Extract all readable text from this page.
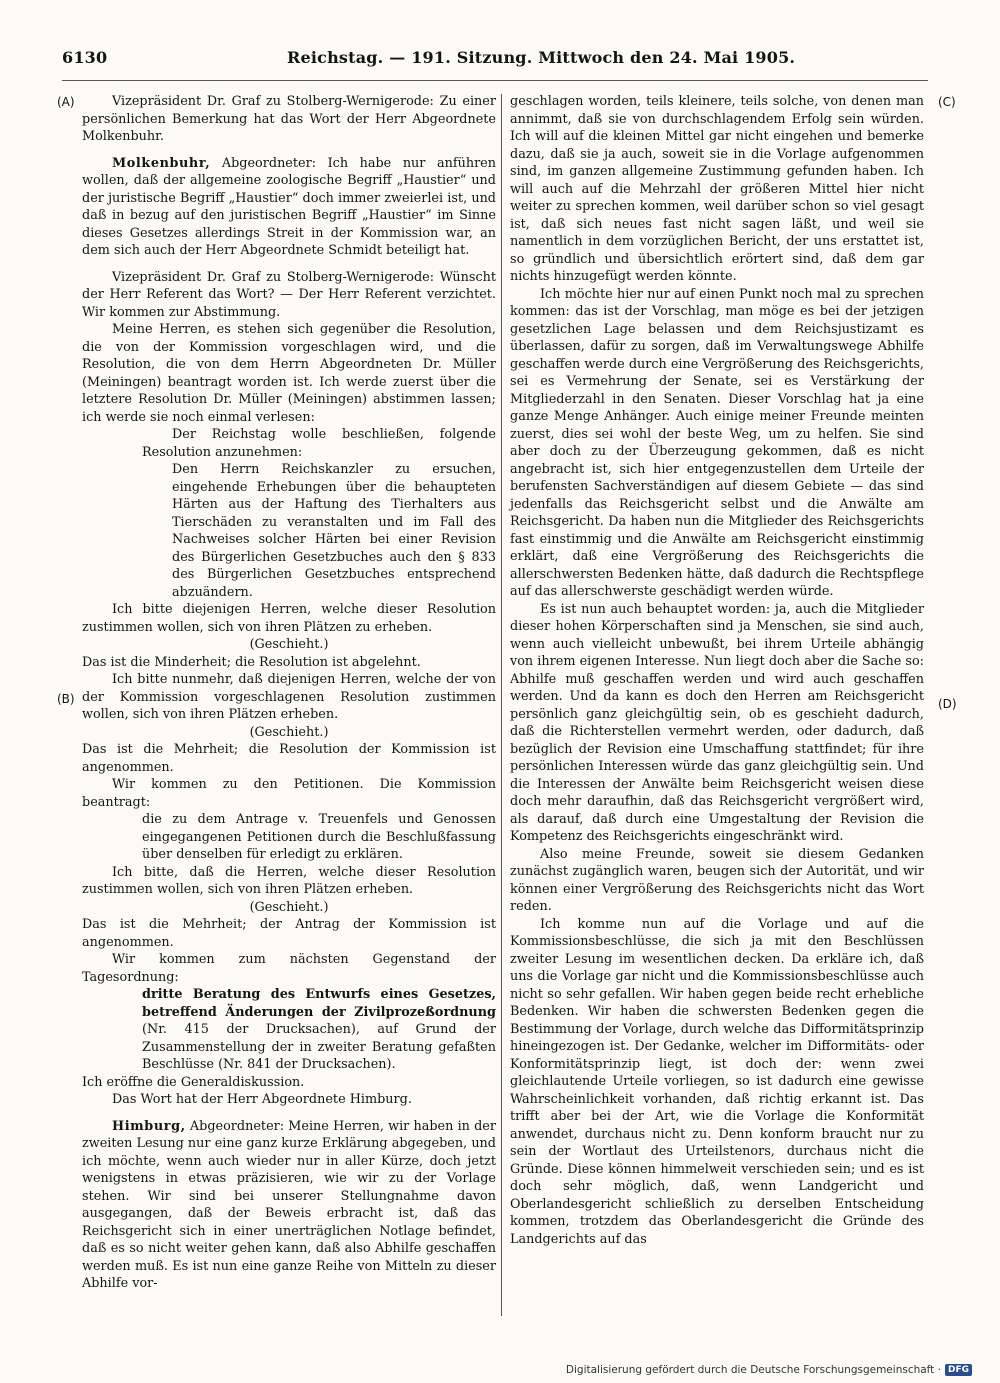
6130	Reichstag. — 191. Sitzung. Mittwoch den 24. Mai 1905.
(A)
(B)
(C)
(D)

Vizepräsident Dr. Graf zu Stolberg-Wernigerode: Zu einer persönlichen Bemerkung hat das Wort der Herr Abgeordnete Molkenbuhr.

Molkenbuhr, Abgeordneter: Ich habe nur anführen wollen, daß der allgemeine zoologische Begriff „Haustier“ und der juristische Begriff „Haustier“ doch immer zweierlei ist, und daß in bezug auf den juristischen Begriff „Haustier“ im Sinne dieses Gesetzes allerdings Streit in der Kommission war, an dem sich auch der Herr Abgeordnete Schmidt beteiligt hat.

Vizepräsident Dr. Graf zu Stolberg-Wernigerode: Wünscht der Herr Referent das Wort? — Der Herr Referent verzichtet. Wir kommen zur Abstimmung.

Meine Herren, es stehen sich gegenüber die Resolution, die von der Kommission vorgeschlagen wird, und die Resolution, die von dem Herrn Abgeordneten Dr. Müller (Meiningen) beantragt worden ist. Ich werde zuerst über die letztere Resolution Dr. Müller (Meiningen) abstimmen lassen; ich werde sie noch einmal verlesen:

Der Reichstag wolle beschließen, folgende Resolution anzunehmen:

Den Herrn Reichskanzler zu ersuchen, eingehende Erhebungen über die behaupteten Härten aus der Haftung des Tierhalters aus Tierschäden zu veranstalten und im Fall des Nachweises solcher Härten bei einer Revision des Bürgerlichen Gesetzbuches auch den § 833 des Bürgerlichen Gesetzbuches entsprechend abzuändern.

Ich bitte diejenigen Herren, welche dieser Resolution zustimmen wollen, sich von ihren Plätzen zu erheben.

(Geschieht.)

Das ist die Minderheit; die Resolution ist abgelehnt.

Ich bitte nunmehr, daß diejenigen Herren, welche der von der Kommission vorgeschlagenen Resolution zustimmen wollen, sich von ihren Plätzen erheben.

(Geschieht.)

Das ist die Mehrheit; die Resolution der Kommission ist angenommen.

Wir kommen zu den Petitionen. Die Kommission beantragt:

die zu dem Antrage v. Treuenfels und Genossen eingegangenen Petitionen durch die Beschlußfassung über denselben für erledigt zu erklären.

Ich bitte, daß die Herren, welche dieser Resolution zustimmen wollen, sich von ihren Plätzen erheben.

(Geschieht.)

Das ist die Mehrheit; der Antrag der Kommission ist angenommen.

Wir kommen zum nächsten Gegenstand der Tagesordnung:

dritte Beratung des Entwurfs eines Gesetzes, betreffend Änderungen der Zivilprozeßordnung (Nr. 415 der Drucksachen), auf Grund der Zusammenstellung der in zweiter Beratung gefaßten Beschlüsse (Nr. 841 der Drucksachen).

Ich eröffne die Generaldiskussion.

Das Wort hat der Herr Abgeordnete Himburg.

Himburg, Abgeordneter: Meine Herren, wir haben in der zweiten Lesung nur eine ganz kurze Erklärung abgegeben, und ich möchte, wenn auch wieder nur in aller Kürze, doch jetzt wenigstens in etwas präzisieren, wie wir zu der Vorlage stehen. Wir sind bei unserer Stellungnahme davon ausgegangen, daß der Beweis erbracht ist, daß das Reichsgericht sich in einer unerträglichen Notlage befindet, daß es so nicht weiter gehen kann, daß also Abhilfe geschaffen werden muß. Es ist nun eine ganze Reihe von Mitteln zu dieser Abhilfe vor-

geschlagen worden, teils kleinere, teils solche, von denen man annimmt, daß sie von durchschlagendem Erfolg sein würden. Ich will auf die kleinen Mittel gar nicht eingehen und bemerke dazu, daß sie ja auch, soweit sie in die Vorlage aufgenommen sind, im ganzen allgemeine Zustimmung gefunden haben. Ich will auch auf die Mehrzahl der größeren Mittel hier nicht weiter zu sprechen kommen, weil darüber schon so viel gesagt ist, daß sich neues fast nicht sagen läßt, und weil sie namentlich in dem vorzüglichen Bericht, der uns erstattet ist, so gründlich und übersichtlich erörtert sind, daß dem gar nichts hinzugefügt werden könnte.

Ich möchte hier nur auf einen Punkt noch mal zu sprechen kommen: das ist der Vorschlag, man möge es bei der jetzigen gesetzlichen Lage belassen und dem Reichsjustizamt es überlassen, dafür zu sorgen, daß im Verwaltungswege Abhilfe geschaffen werde durch eine Vergrößerung des Reichsgerichts, sei es Vermehrung der Senate, sei es Verstärkung der Mitgliederzahl in den Senaten. Dieser Vorschlag hat ja eine ganze Menge Anhänger. Auch einige meiner Freunde meinten zuerst, dies sei wohl der beste Weg, um zu helfen. Sie sind aber doch zu der Überzeugung gekommen, daß es nicht angebracht ist, sich hier entgegenzustellen dem Urteile der berufensten Sachverständigen auf diesem Gebiete — das sind jedenfalls das Reichsgericht selbst und die Anwälte am Reichsgericht. Da haben nun die Mitglieder des Reichsgerichts fast einstimmig und die Anwälte am Reichsgericht einstimmig erklärt, daß eine Vergrößerung des Reichsgerichts die allerschwersten Bedenken hätte, daß dadurch die Rechtspflege auf das allerschwerste geschädigt werden würde.

Es ist nun auch behauptet worden: ja, auch die Mitglieder dieser hohen Körperschaften sind ja Menschen, sie sind auch, wenn auch vielleicht unbewußt, bei ihrem Urteile abhängig von ihrem eigenen Interesse. Nun liegt doch aber die Sache so: Abhilfe muß geschaffen werden und wird auch geschaffen werden. Und da kann es doch den Herren am Reichsgericht persönlich ganz gleichgültig sein, ob es geschieht dadurch, daß die Richterstellen vermehrt werden, oder dadurch, daß bezüglich der Revision eine Umschaffung stattfindet; für ihre persönlichen Interessen würde das ganz gleichgültig sein. Und die Interessen der Anwälte beim Reichsgericht weisen diese doch mehr daraufhin, daß das Reichsgericht vergrößert wird, als darauf, daß durch eine Umgestaltung der Revision die Kompetenz des Reichsgerichts eingeschränkt wird.

Also meine Freunde, soweit sie diesem Gedanken zunächst zugänglich waren, beugen sich der Autorität, und wir können einer Vergrößerung des Reichsgerichts nicht das Wort reden.

Ich komme nun auf die Vorlage und auf die Kommissionsbeschlüsse, die sich ja mit den Beschlüssen zweiter Lesung im wesentlichen decken. Da erkläre ich, daß uns die Vorlage gar nicht und die Kommissionsbeschlüsse auch nicht so sehr gefallen. Wir haben gegen beide recht erhebliche Bedenken. Wir haben die schwersten Bedenken gegen die Bestimmung der Vorlage, durch welche das Difformitätsprinzip hineingezogen ist. Der Gedanke, welcher im Difformitäts- oder Konformitätsprinzip liegt, ist doch der: wenn zwei gleichlautende Urteile vorliegen, so ist dadurch eine gewisse Wahrscheinlichkeit vorhanden, daß richtig erkannt ist. Das trifft aber bei der Art, wie die Vorlage die Konformität anwendet, durchaus nicht zu. Denn konform braucht nur zu sein der Wortlaut des Urteilstenors, durchaus nicht die Gründe. Diese können himmelweit verschieden sein; und es ist doch sehr möglich, daß, wenn Landgericht und Oberlandesgericht schließlich zu derselben Entscheidung kommen, trotzdem das Oberlandesgericht die Gründe des Landgerichts auf das

Digitalisierung gefördert durch die Deutsche Forschungsgemeinschaft · DFG
